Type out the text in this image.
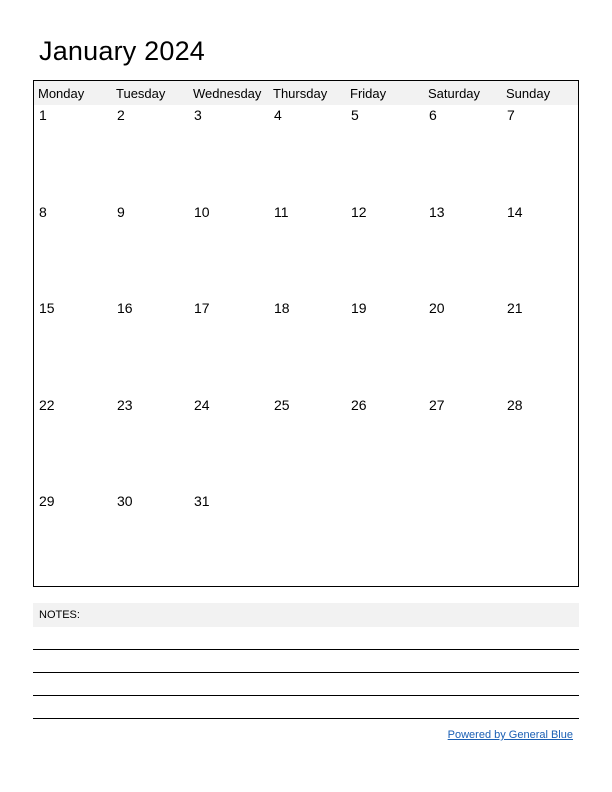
January 2024
Monday	Tuesday	Wednesday Thursday	Friday	Saturday	Sunday
1	2	3	4	5	6	7
8	9	10	11	12	13	14
15	16	17	18	19	20	21
22	23	24	25	26	27	28
29	30	31
NOTES:
Powered by General Blue
